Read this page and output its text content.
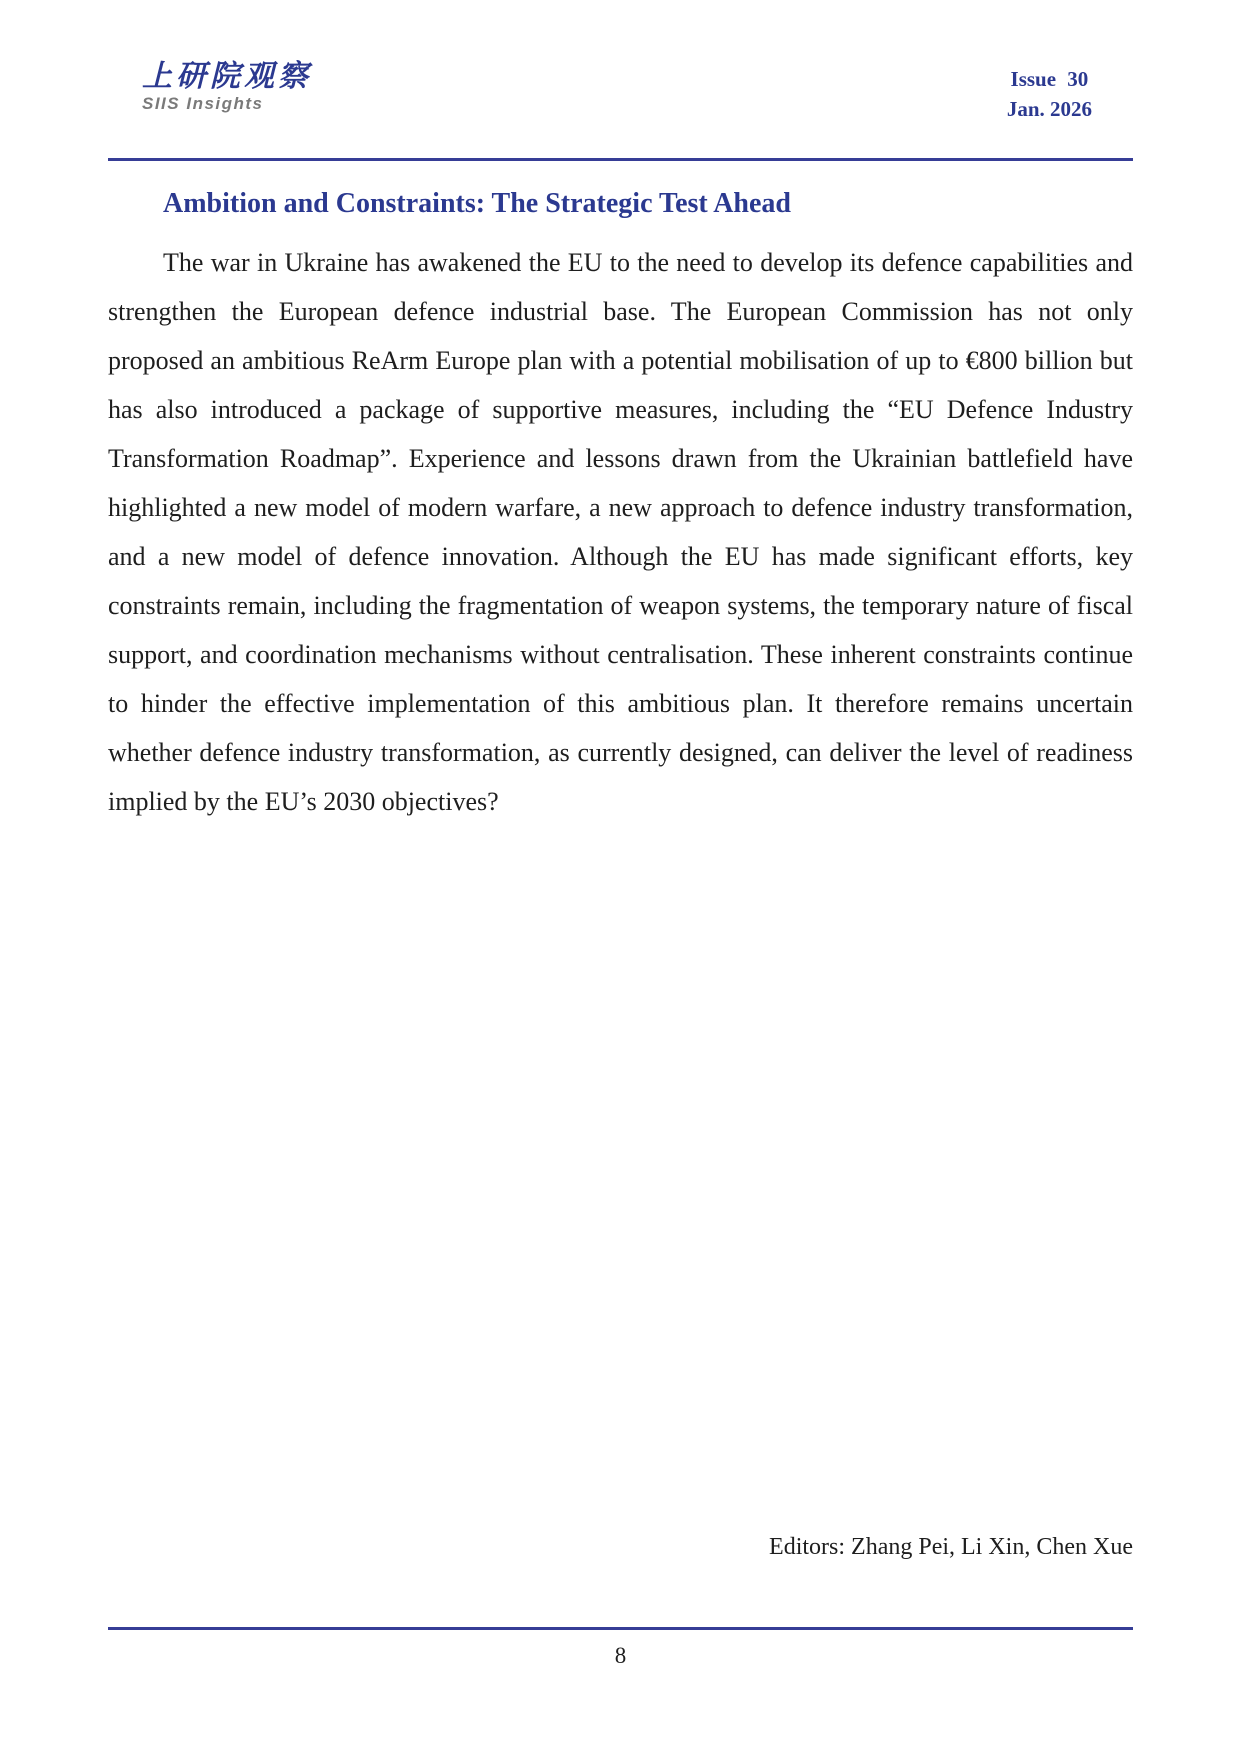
上研院观察
SIIS Insights
Issue 30
Jan. 2026
Ambition and Constraints: The Strategic Test Ahead

The war in Ukraine has awakened the EU to the need to develop its defence capabilities and strengthen the European defence industrial base. The European Commission has not only proposed an ambitious ReArm Europe plan with a potential mobilisation of up to €800 billion but has also introduced a package of supportive measures, including the “EU Defence Industry Transformation Roadmap”. Experience and lessons drawn from the Ukrainian battlefield have highlighted a new model of modern warfare, a new approach to defence industry transformation, and a new model of defence innovation. Although the EU has made significant efforts, key constraints remain, including the fragmentation of weapon systems, the temporary nature of fiscal support, and coordination mechanisms without centralisation. These inherent constraints continue to hinder the effective implementation of this ambitious plan. It therefore remains uncertain whether defence industry transformation, as currently designed, can deliver the level of readiness implied by the EU’s 2030 objectives?

Editors: Zhang Pei, Li Xin, Chen Xue
8
